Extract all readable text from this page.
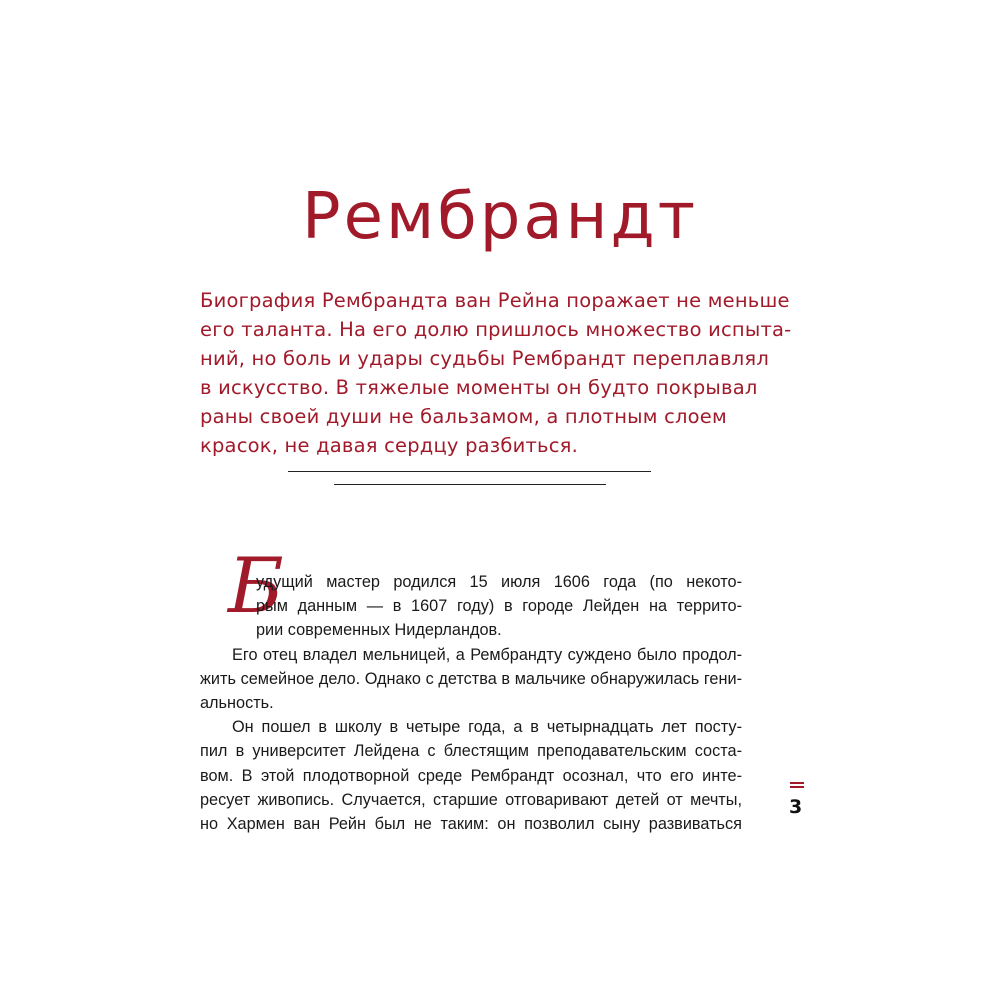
Рембрандт
Биография Рембрандта ван Рейна поражает не меньше
его таланта. На его долю пришлось множество испыта-
ний, но боль и удары судьбы Рембрандт переплавлял
в искусство. В тяжелые моменты он будто покрывал
раны своей души не бальзамом, а плотным слоем
красок, не давая сердцу разбиться.
Б
удущий мастер родился 15 июля 1606 года (по некото-
рым данным — в 1607 году) в городе Лейден на террито-
рии современных Нидерландов.
Его отец владел мельницей, а Рембрандту суждено было продол-
жить семейное дело. Однако с детства в мальчике обнаружилась гени-
альность.
Он пошел в школу в четыре года, а в четырнадцать лет посту-
пил в университет Лейдена с блестящим преподавательским соста-
вом. В этой плодотворной среде Рембрандт осознал, что его инте-
ресует живопись. Случается, старшие отговаривают детей от мечты,
но Хармен ван Рейн был не таким: он позволил сыну развиваться
3
